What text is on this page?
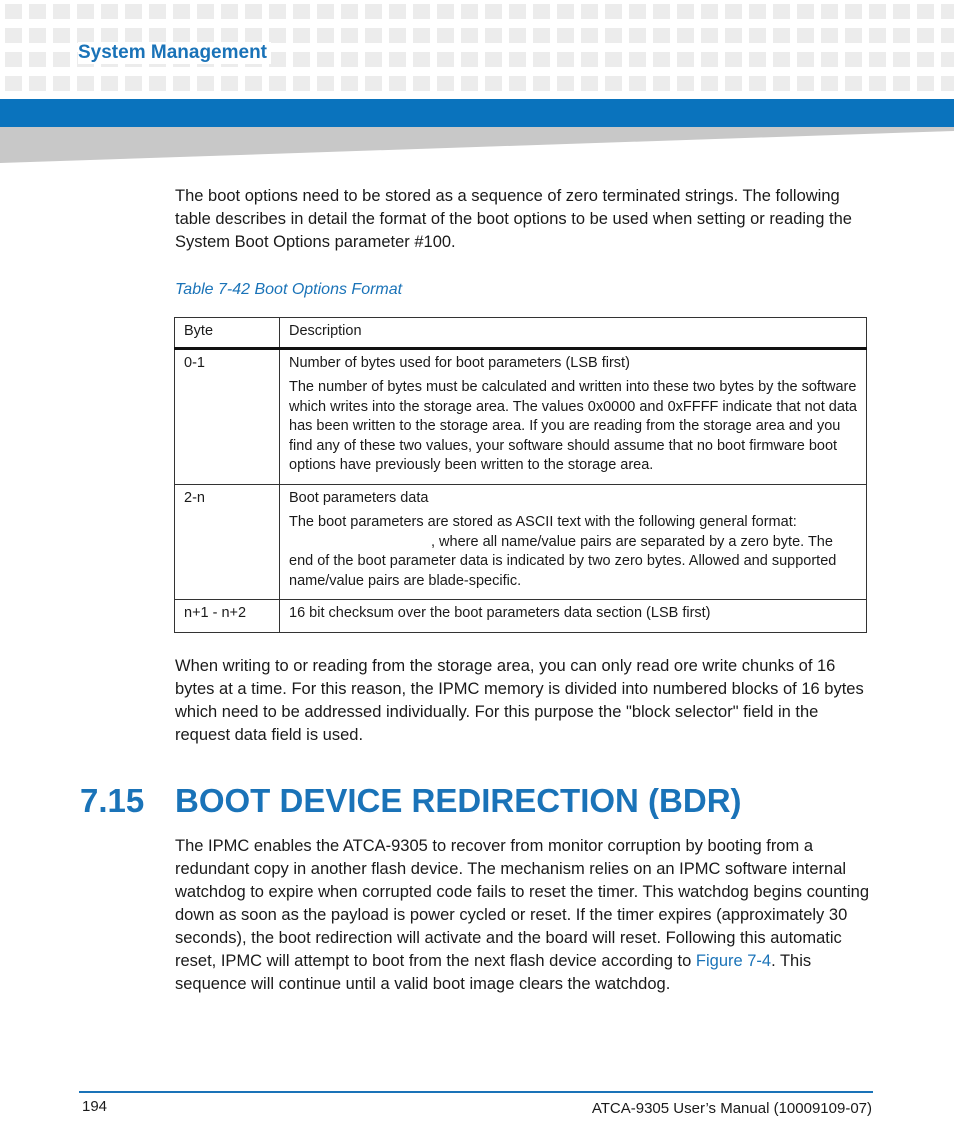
System Management

The boot options need to be stored as a sequence of zero terminated strings. The following table describes in detail the format of the boot options to be used when setting or reading the System Boot Options parameter #100.

Table 7-42 Boot Options Format
Byte	Description
0-1	Number of bytes used for boot parameters (LSB first)
The number of bytes must be calculated and written into these two bytes by the software which writes into the storage area. The values 0x0000 and 0xFFFF indicate that not data has been written to the storage area. If you are reading from the storage area and you find any of these two values, your software should assume that no boot firmware boot options have previously been written to the storage area.

2-n	Boot parameters data
The boot parameters are stored as ASCII text with the following general format:
, where all name/value pairs are separated by a zero byte. The end of the boot parameter data is indicated by two zero bytes. Allowed and supported name/value pairs are blade-specific.

n+1 - n+2	16 bit checksum over the boot parameters data section (LSB first)

When writing to or reading from the storage area, you can only read ore write chunks of 16 bytes at a time. For this reason, the IPMC memory is divided into numbered blocks of 16 bytes which need to be addressed individually. For this purpose the "block selector" field in the request data field is used.

7.15 BOOT DEVICE REDIRECTION (BDR)

The IPMC enables the ATCA-9305 to recover from monitor corruption by booting from a redundant copy in another flash device. The mechanism relies on an IPMC software internal watchdog to expire when corrupted code fails to reset the timer. This watchdog begins counting down as soon as the payload is power cycled or reset. If the timer expires (approximately 30 seconds), the boot redirection will activate and the board will reset. Following this automatic reset, IPMC will attempt to boot from the next flash device according to Figure 7-4. This sequence will continue until a valid boot image clears the watchdog.

194	ATCA-9305 User’s Manual (10009109-07)
